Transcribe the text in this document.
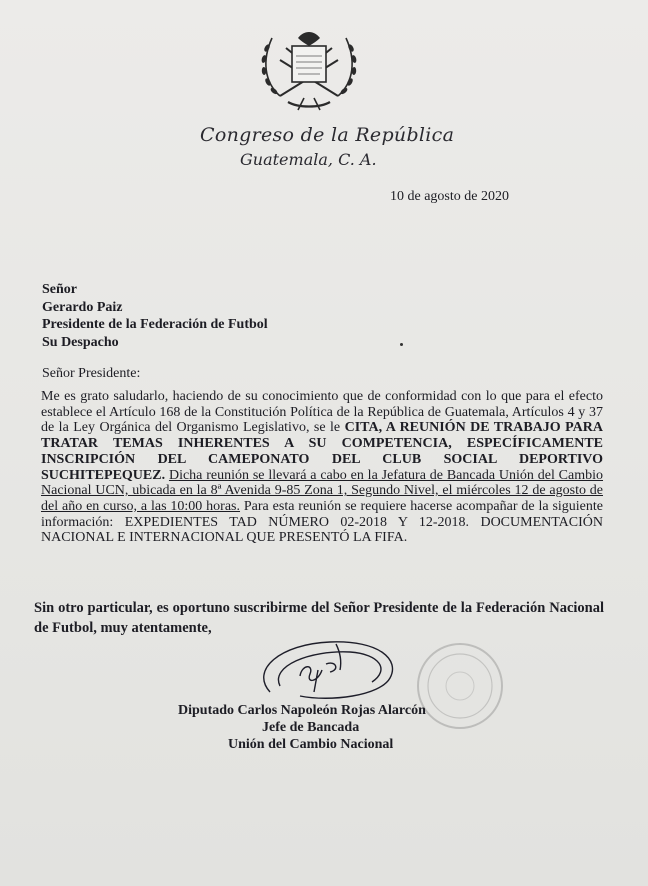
Congreso de la República
Guatemala, C. A.
10 de agosto de 2020
Señor
Gerardo Paiz
Presidente de la Federación de Futbol
Su Despacho
Señor Presidente:
Me es grato saludarlo, haciendo de su conocimiento que de conformidad con lo que para el efecto establece el Artículo 168 de la Constitución Política de la República de Guatemala, Artículos 4 y 37 de la Ley Orgánica del Organismo Legislativo, se le CITA, A REUNIÓN DE TRABAJO PARA TRATAR TEMAS INHERENTES A SU COMPETENCIA, ESPECÍFICAMENTE INSCRIPCIÓN DEL CAMEPONATO DEL CLUB SOCIAL DEPORTIVO SUCHITEPEQUEZ. Dicha reunión se llevará a cabo en la Jefatura de Bancada Unión del Cambio Nacional UCN, ubicada en la 8ª Avenida 9-85 Zona 1, Segundo Nivel, el miércoles 12 de agosto de del año en curso, a las 10:00 horas. Para esta reunión se requiere hacerse acompañar de la siguiente información: EXPEDIENTES TAD NÚMERO 02-2018 Y 12-2018. DOCUMENTACIÓN NACIONAL E INTERNACIONAL QUE PRESENTÓ LA FIFA.
Sin otro particular, es oportuno suscribirme del Señor Presidente de la Federación Nacional de Futbol, muy atentamente,
Diputado Carlos Napoleón Rojas Alarcón
Jefe de Bancada
Unión del Cambio Nacional
